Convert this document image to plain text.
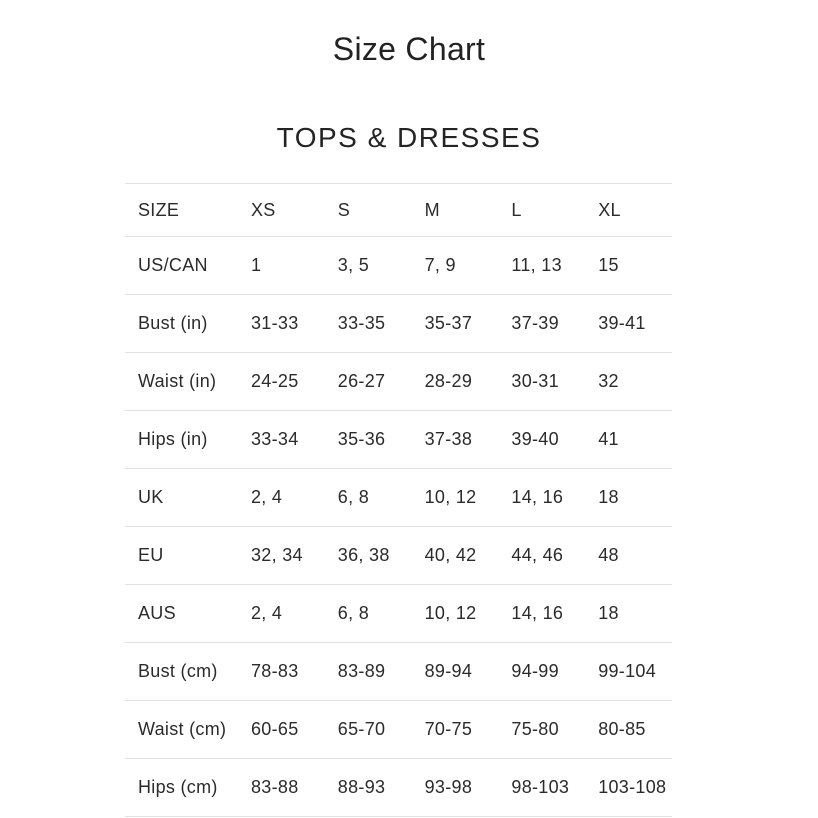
Size Chart
TOPS & DRESSES
SIZE	XS	S	M	L	XL
US/CAN	1	3, 5	7, 9	11, 13	15
Bust (in)	31-33	33-35	35-37	37-39	39-41
Waist (in)	24-25	26-27	28-29	30-31	32
Hips (in)	33-34	35-36	37-38	39-40	41
UK	2, 4	6, 8	10, 12	14, 16	18
EU	32, 34	36, 38	40, 42	44, 46	48
AUS	2, 4	6, 8	10, 12	14, 16	18
Bust (cm)	78-83	83-89	89-94	94-99	99-104
Waist (cm)	60-65	65-70	70-75	75-80	80-85
Hips (cm)	83-88	88-93	93-98	98-103	103-108
